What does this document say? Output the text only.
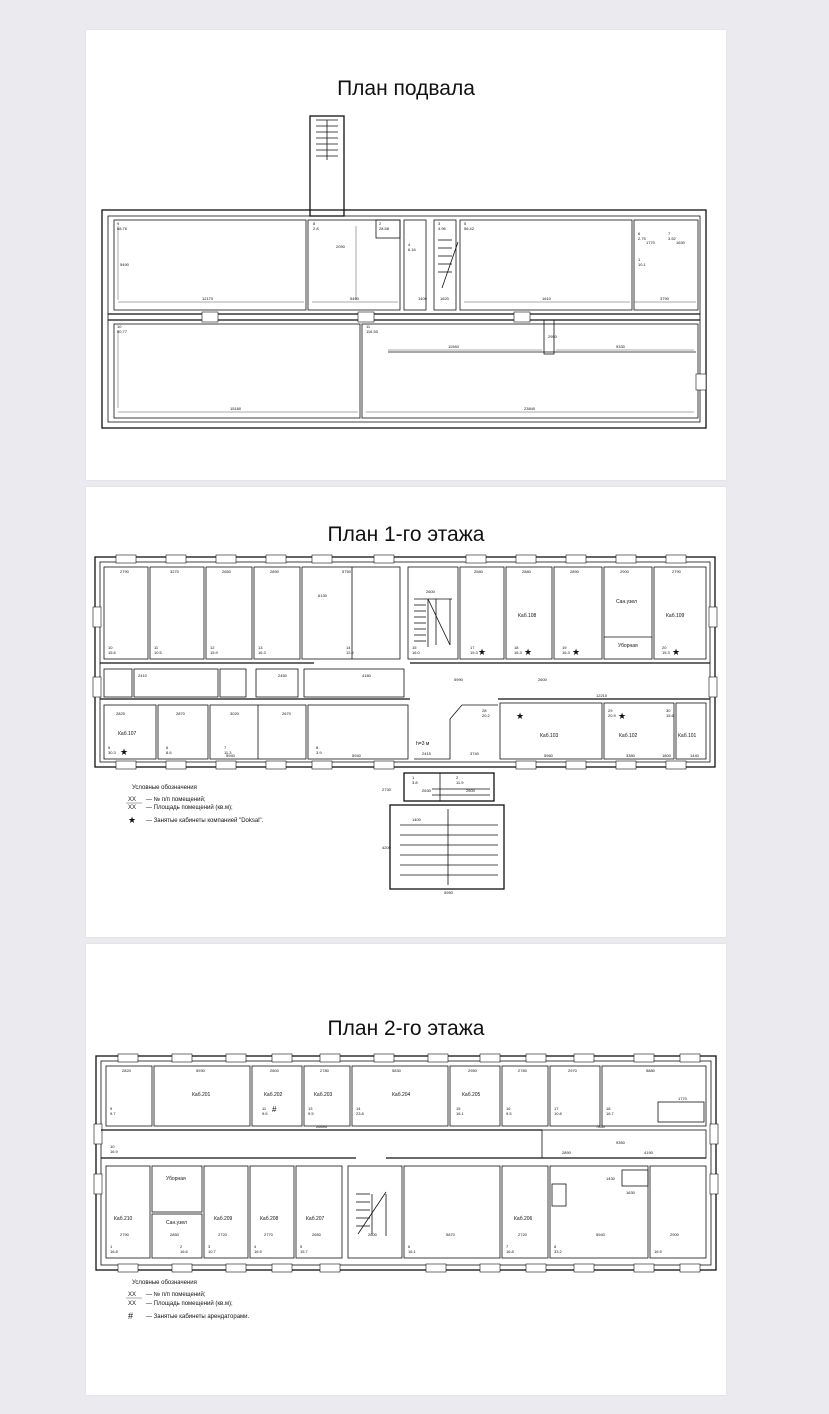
План подвала
9	8	2	3
4
5
6	7
1
10	11
68.76	2.8	28.58	4.96
6.16
56.42
2.75	3.52
10.1
60.77	116.50
12170	5490
2090
1400	1620	1610	3790
1630
1770
15180	23840
11980	9330
2950
5490
План 1-го этажа
Каб.108	Каб.109
Сан.узел
Уборная
Каб.107	Каб.103	Каб.102	Каб.101
h=3 м
10	11	12	13	14	15	17	18	19	20
5	6	7	8
28	29	30
1	2
15.6	10.5	15.9	16.3	12.5	16.0	19.3	16.3	16.3	15.3
30.3	8.6	11.3	3.9
20.2	20.9	15.6
3.8	11.9
★	★	★	★
★
★	★
2790	3270	2650	2890	5750
2600
2580	2880	2890	2900	2790
6130
4180
2450
2410
2670
2825	2870	3020
5940	5940	5960	3380	1800	1440
2415	3740
12210
2630	2500
1400
5950
4200
2730
5990	2600
Условные обозначения
XX — № п/п помещений;
XX — Площадь помещений (кв.м);
★ — Занятые кабинеты компанией "Doksal".
План 2-го этажа
Каб.201	Каб.202	Каб.203	Каб.204	Каб.205
Каб.210
Уборная
Сан.узел
Каб.209	Каб.208	Каб.207	Каб.206
9
10
11	13	14	15	16	17	18
1	2	3	4	5	6	7	8
9.7
16.9
9.6	9.5	23.8	16.1	9.5	10.8	16.7
16.8	16.6	10.7	16.5	15.7	16.1	16.8	33.2	16.5
#
2820	5930	2800	2780	5830	2950	2780	2970	5880
26690	7860
9350
1770
2890	4190
2790	2850	2720	2770	2650	2800	5870	2720	5940	2900
1630
1430
Условные обозначения
XX — № п/п помещений;
XX — Площадь помещений (кв.м);
# — Занятые кабинеты арендаторами.
